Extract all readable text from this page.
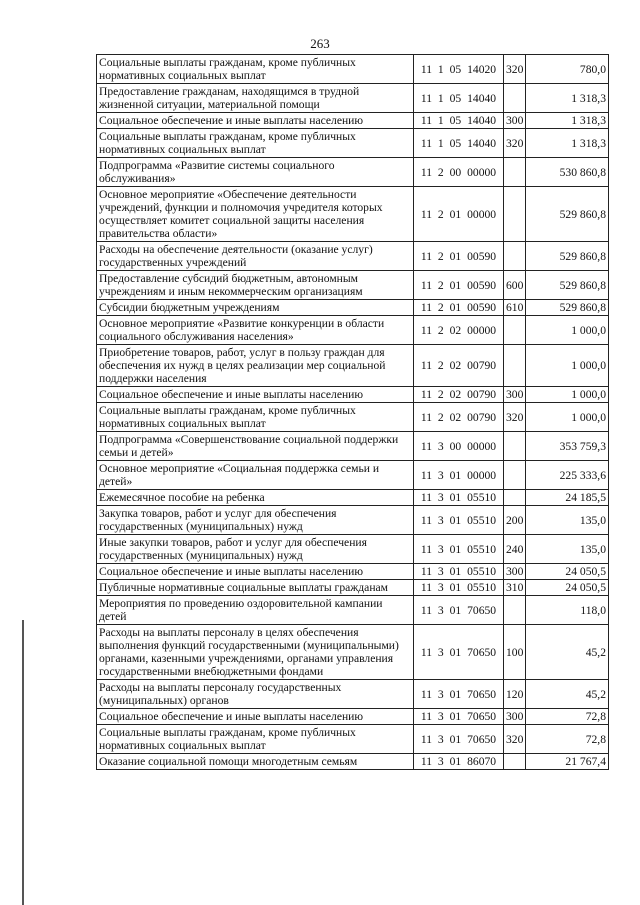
263
Социальные выплаты гражданам, кроме публичных нормативных социальных выплат	11 1 05 14020	320	780,0
Предоставление гражданам, находящимся в трудной жизненной ситуации, материальной помощи	11 1 05 14040		1 318,3
Социальное обеспечение и иные выплаты населению	11 1 05 14040	300	1 318,3
Социальные выплаты гражданам, кроме публичных нормативных социальных выплат	11 1 05 14040	320	1 318,3
Подпрограмма «Развитие системы социального обслуживания»	11 2 00 00000		530 860,8
Основное мероприятие «Обеспечение деятельности учреждений, функции и полномочия учредителя которых осуществляет комитет социальной защиты населения правительства области»	11 2 01 00000		529 860,8
Расходы на обеспечение деятельности (оказание услуг) государственных учреждений	11 2 01 00590		529 860,8
Предоставление субсидий бюджетным, автономным учреждениям и иным некоммерческим организациям	11 2 01 00590	600	529 860,8
Субсидии бюджетным учреждениям	11 2 01 00590	610	529 860,8
Основное мероприятие «Развитие конкуренции в области социального обслуживания населения»	11 2 02 00000		1 000,0
Приобретение товаров, работ, услуг в пользу граждан для обеспечения их нужд в целях реализации мер социальной поддержки населения	11 2 02 00790		1 000,0
Социальное обеспечение и иные выплаты населению	11 2 02 00790	300	1 000,0
Социальные выплаты гражданам, кроме публичных нормативных социальных выплат	11 2 02 00790	320	1 000,0
Подпрограмма «Совершенствование социальной поддержки семьи и детей»	11 3 00 00000		353 759,3
Основное мероприятие «Социальная поддержка семьи и детей»	11 3 01 00000		225 333,6
Ежемесячное пособие на ребенка	11 3 01 05510		24 185,5
Закупка товаров, работ и услуг для обеспечения государственных (муниципальных) нужд	11 3 01 05510	200	135,0
Иные закупки товаров, работ и услуг для обеспечения государственных (муниципальных) нужд	11 3 01 05510	240	135,0
Социальное обеспечение и иные выплаты населению	11 3 01 05510	300	24 050,5
Публичные нормативные социальные выплаты гражданам	11 3 01 05510	310	24 050,5
Мероприятия по проведению оздоровительной кампании детей	11 3 01 70650		118,0
Расходы на выплаты персоналу в целях обеспечения выполнения функций государственными (муниципальными) органами, казенными учреждениями, органами управления государственными внебюджетными фондами	11 3 01 70650	100	45,2
Расходы на выплаты персоналу государственных (муниципальных) органов	11 3 01 70650	120	45,2
Социальное обеспечение и иные выплаты населению	11 3 01 70650	300	72,8
Социальные выплаты гражданам, кроме публичных нормативных социальных выплат	11 3 01 70650	320	72,8
Оказание социальной помощи многодетным семьям	11 3 01 86070		21 767,4
